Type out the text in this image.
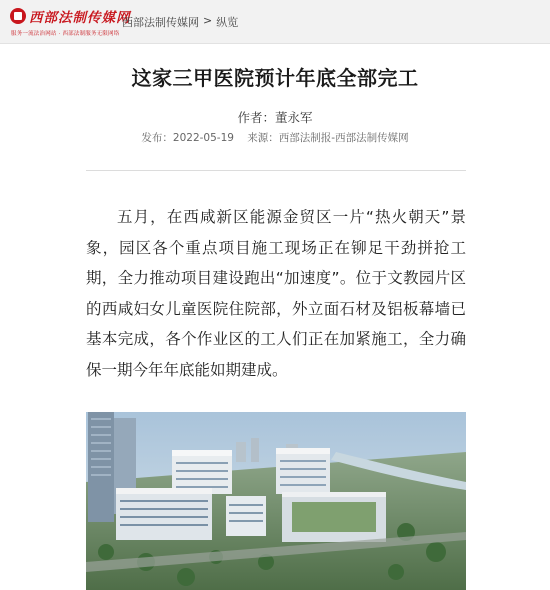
西部法制传媒网
服务一流法治网站 · 西部法制服务无限网络
西部法制传媒网 > 纵览
这家三甲医院预计年底全部完工
作者：董永军
发布：2022-05-19 来源：西部法制报-西部法制传媒网

五月，在西咸新区能源金贸区一片“热火朝天”景象，园区各个重点项目施工现场正在铆足干劲拼抢工期，全力推动项目建设跑出“加速度”。位于文教园片区的西咸妇女儿童医院住院部，外立面石材及铝板幕墙已基本完成，各个作业区的工人们正在加紧施工，全力确保一期今年年底能如期建成。
